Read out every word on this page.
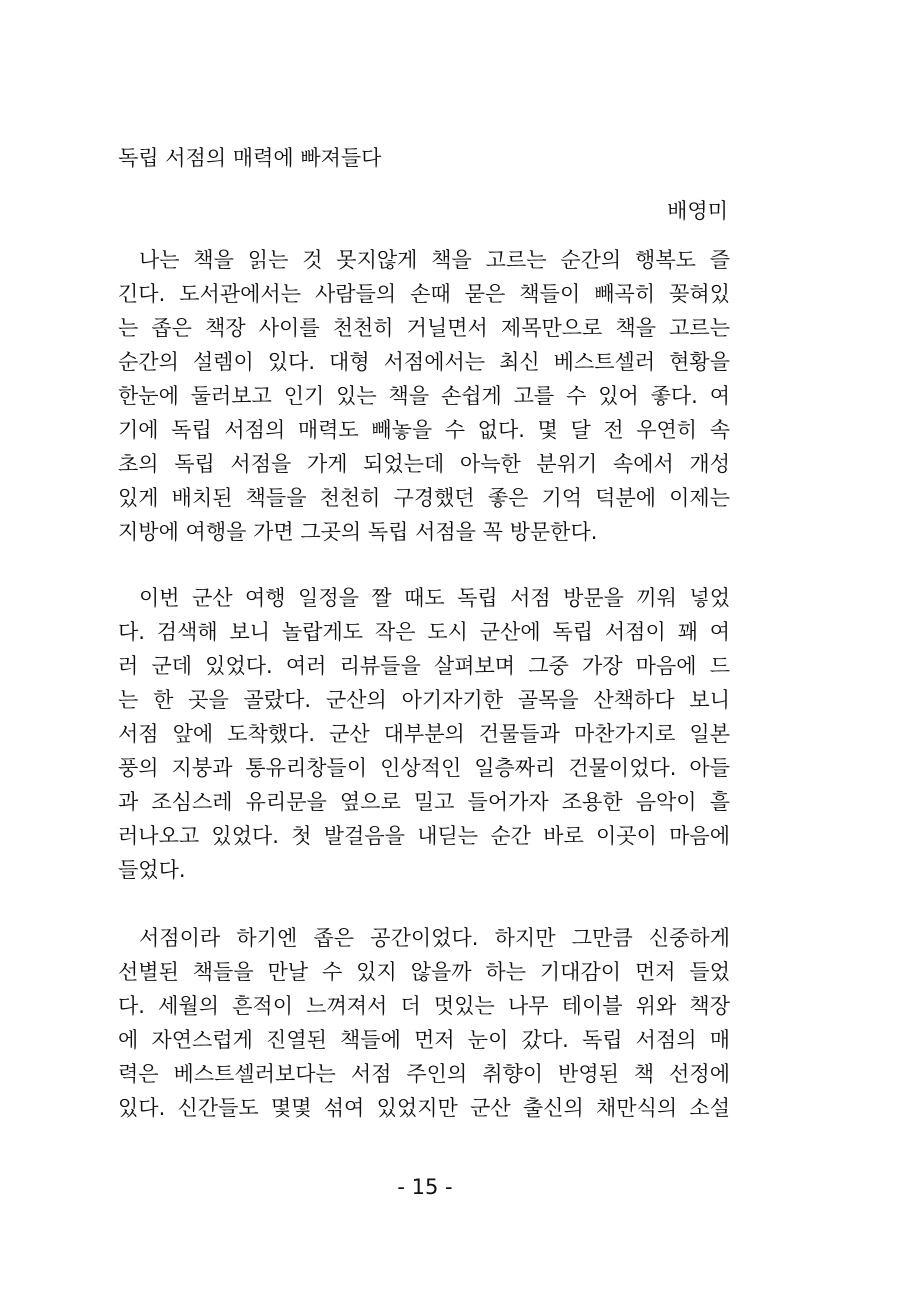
독립 서점의 매력에 빠져들다
배영미

나는 책을 읽는 것 못지않게 책을 고르는 순간의 행복도 즐
긴다. 도서관에서는 사람들의 손때 묻은 책들이 빼곡히 꽂혀있
는 좁은 책장 사이를 천천히 거닐면서 제목만으로 책을 고르는
순간의 설렘이 있다. 대형 서점에서는 최신 베스트셀러 현황을
한눈에 둘러보고 인기 있는 책을 손쉽게 고를 수 있어 좋다. 여
기에 독립 서점의 매력도 빼놓을 수 없다. 몇 달 전 우연히 속
초의 독립 서점을 가게 되었는데 아늑한 분위기 속에서 개성
있게 배치된 책들을 천천히 구경했던 좋은 기억 덕분에 이제는
지방에 여행을 가면 그곳의 독립 서점을 꼭 방문한다.

이번 군산 여행 일정을 짤 때도 독립 서점 방문을 끼워 넣었
다. 검색해 보니 놀랍게도 작은 도시 군산에 독립 서점이 꽤 여
러 군데 있었다. 여러 리뷰들을 살펴보며 그중 가장 마음에 드
는 한 곳을 골랐다. 군산의 아기자기한 골목을 산책하다 보니
서점 앞에 도착했다. 군산 대부분의 건물들과 마찬가지로 일본
풍의 지붕과 통유리창들이 인상적인 일층짜리 건물이었다. 아들
과 조심스레 유리문을 옆으로 밀고 들어가자 조용한 음악이 흘
러나오고 있었다. 첫 발걸음을 내딛는 순간 바로 이곳이 마음에
들었다.

서점이라 하기엔 좁은 공간이었다. 하지만 그만큼 신중하게
선별된 책들을 만날 수 있지 않을까 하는 기대감이 먼저 들었
다. 세월의 흔적이 느껴져서 더 멋있는 나무 테이블 위와 책장
에 자연스럽게 진열된 책들에 먼저 눈이 갔다. 독립 서점의 매
력은 베스트셀러보다는 서점 주인의 취향이 반영된 책 선정에
있다. 신간들도 몇몇 섞여 있었지만 군산 출신의 채만식의 소설

- 15 -
